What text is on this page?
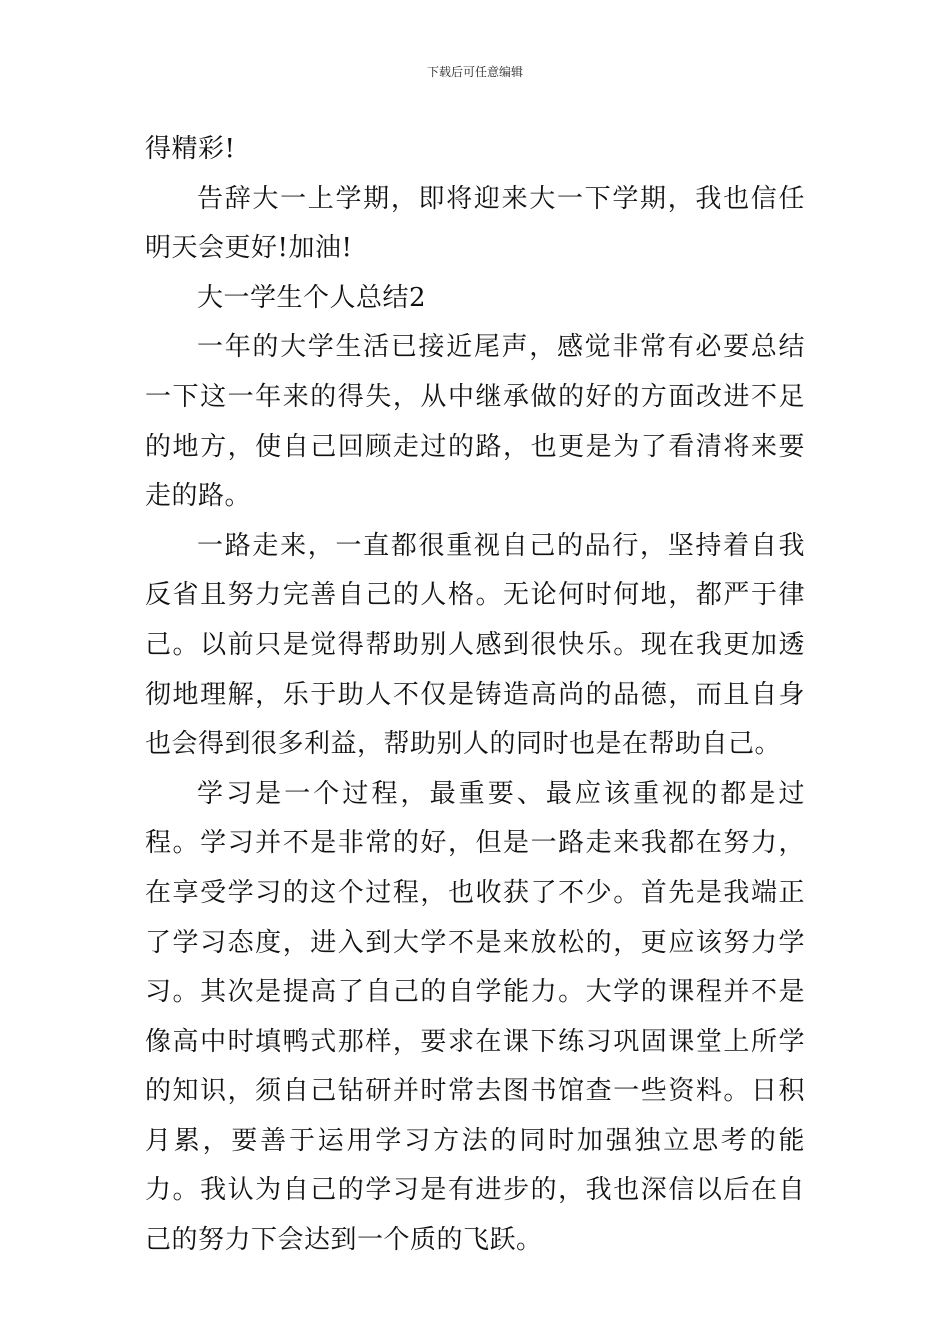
下载后可任意编辑

得精彩!

告辞大一上学期，即将迎来大一下学期，我也信任明天会更好!加油!

大一学生个人总结2

一年的大学生活已接近尾声，感觉非常有必要总结一下这一年来的得失，从中继承做的好的方面改进不足的地方，使自己回顾走过的路，也更是为了看清将来要走的路。

一路走来，一直都很重视自己的品行，坚持着自我反省且努力完善自己的人格。无论何时何地，都严于律己。以前只是觉得帮助别人感到很快乐。现在我更加透彻地理解，乐于助人不仅是铸造高尚的品德，而且自身也会得到很多利益，帮助别人的同时也是在帮助自己。

学习是一个过程，最重要、最应该重视的都是过程。学习并不是非常的好，但是一路走来我都在努力，在享受学习的这个过程，也收获了不少。首先是我端正了学习态度，进入到大学不是来放松的，更应该努力学习。其次是提高了自己的自学能力。大学的课程并不是像高中时填鸭式那样，要求在课下练习巩固课堂上所学的知识，须自己钻研并时常去图书馆查一些资料。日积月累，要善于运用学习方法的同时加强独立思考的能力。我认为自己的学习是有进步的，我也深信以后在自己的努力下会达到一个质的飞跃。
